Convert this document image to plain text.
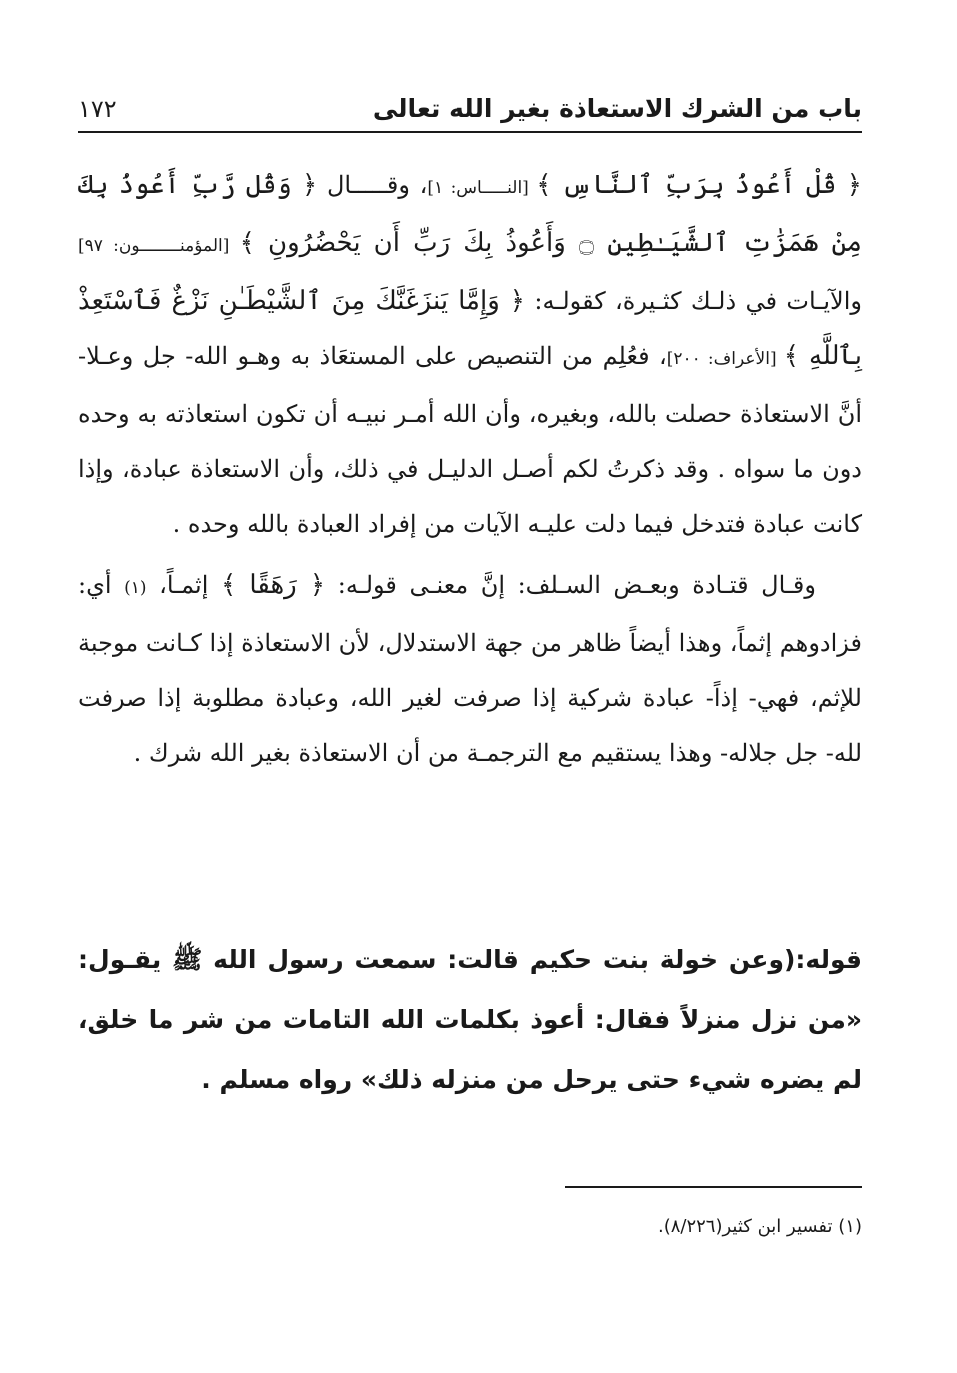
باب من الشرك الاستعاذة بغير الله تعالى
١٧٢

﴿ قُلْ أَعُوذُ بِرَبِّ ٱلنَّاسِ ﴾ [النـــــاس: ١]، وقـــــال ﴿ وَقُل رَّبِّ أَعُوذُ بِكَ مِنْ هَمَزَٰتِ ٱلشَّيَـٰطِينِ ۝ وَأَعُوذُ بِكَ رَبِّ أَن يَحْضُرُونِ ﴾ [المؤمنــــــــون: ٩٧] والآيـات في ذلـك كثـيرة، كقولـه: ﴿ وَإِمَّا يَنزَغَنَّكَ مِنَ ٱلشَّيْطَـٰنِ نَزْغٌ فَٱسْتَعِذْ بِٱللَّهِ ﴾ [الأعراف: ٢٠٠]، فعُلِم من التنصيص على المستعَاذ به وهـو الله- جل وعـلا- أنَّ الاستعاذة حصلت بالله، وبغيره، وأن الله أمـر نبيـه أن تكون استعاذته به وحده دون ما سواه . وقد ذكرتُ لكم أصـل الدليـل في ذلك، وأن الاستعاذة عبادة، وإذا كانت عبادة فتدخل فيما دلت عليـه الآيات من إفراد العبادة بالله وحده .

وقـال قتـادة وبعـض السـلف: إنَّ معنـى قولـه: ﴿ رَهَقًا ﴾ إثمـاً، (١) أي: فزادوهم إثماً، وهذا أيضاً ظاهر من جهة الاستدلال، لأن الاستعاذة إذا كـانت موجبة للإثم، فهي- إذاً- عبادة شركية إذا صرفت لغير الله، وعبادة مطلوبة إذا صرفت لله- جل جلاله- وهذا يستقيم مع الترجمـة من أن الاستعاذة بغير الله شرك .

قوله:(وعن خولة بنت حكيم قالت: سمعت رسول الله ﷺ يقـول: «من نزل منزلاً فقال: أعوذ بكلمات الله التامات من شر ما خلق، لم يضره شيء حتى يرحل من منزله ذلك» رواه مسلم .

(١) تفسير ابن كثير(٨/٢٢٦).
